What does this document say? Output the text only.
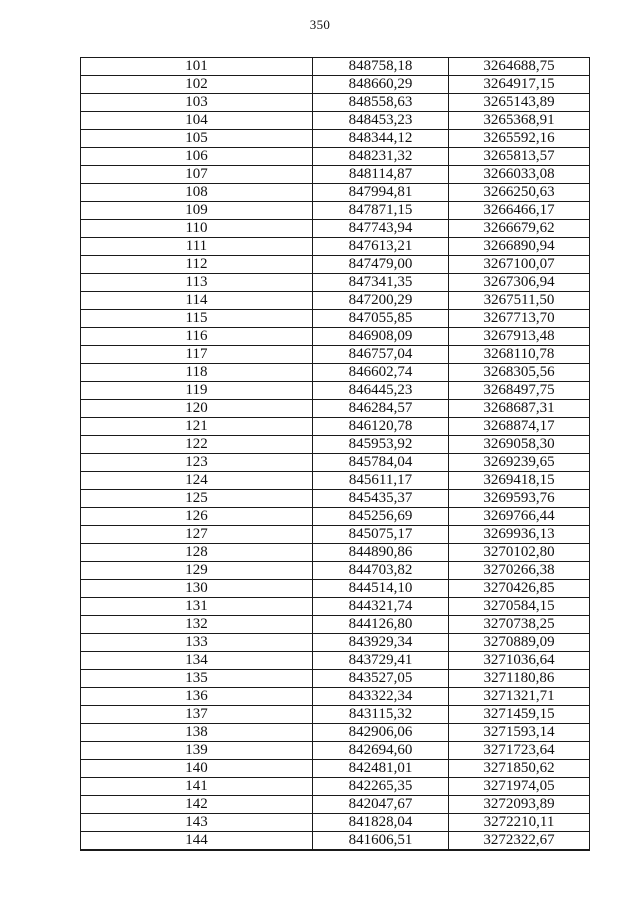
350
101	848758,18	3264688,75
102	848660,29	3264917,15
103	848558,63	3265143,89
104	848453,23	3265368,91
105	848344,12	3265592,16
106	848231,32	3265813,57
107	848114,87	3266033,08
108	847994,81	3266250,63
109	847871,15	3266466,17
110	847743,94	3266679,62
111	847613,21	3266890,94
112	847479,00	3267100,07
113	847341,35	3267306,94
114	847200,29	3267511,50
115	847055,85	3267713,70
116	846908,09	3267913,48
117	846757,04	3268110,78
118	846602,74	3268305,56
119	846445,23	3268497,75
120	846284,57	3268687,31
121	846120,78	3268874,17
122	845953,92	3269058,30
123	845784,04	3269239,65
124	845611,17	3269418,15
125	845435,37	3269593,76
126	845256,69	3269766,44
127	845075,17	3269936,13
128	844890,86	3270102,80
129	844703,82	3270266,38
130	844514,10	3270426,85
131	844321,74	3270584,15
132	844126,80	3270738,25
133	843929,34	3270889,09
134	843729,41	3271036,64
135	843527,05	3271180,86
136	843322,34	3271321,71
137	843115,32	3271459,15
138	842906,06	3271593,14
139	842694,60	3271723,64
140	842481,01	3271850,62
141	842265,35	3271974,05
142	842047,67	3272093,89
143	841828,04	3272210,11
144	841606,51	3272322,67
